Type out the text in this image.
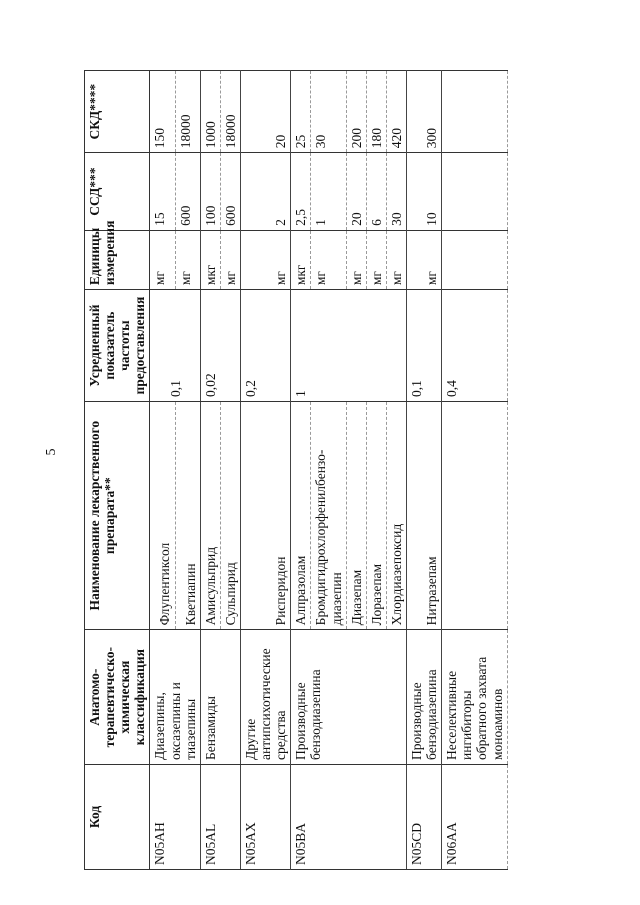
5
Код	Анатомо-терапевтическо-химическая классификация	Наименование лекарственного препарата**	Усредненный показатель частоты предоставления	Единицы измерения	ССД***	СКД****
N05AH	Диазепины, оксазепины и тиазепины	Флупентиксол	0,1	мг	15	150
		Кветиапин		мг	600	18000
N05AL	Бензамиды	Амисульприд	0,02	мкг	100	1000
		Сульпирид		мг	600	18000
N05AX	Другие антипсихотические средства	Рисперидон	0,2	мг	2	20
N05BA	Производные бензодиазепина	Алпразолам	1	мкг	2,5	25
		Бромдигидрохлорфенилбензо-диазепин		мг	1	30
		Диазепам		мг	20	200
		Лоразепам		мг	6	180
		Хлордиазепоксид		мг	30	420
N05CD	Производные бензодиазепина	Нитразепам	0,1	мг	10	300
N06AA	Неселективные ингибиторы обратного захвата моноаминов		0,4			
